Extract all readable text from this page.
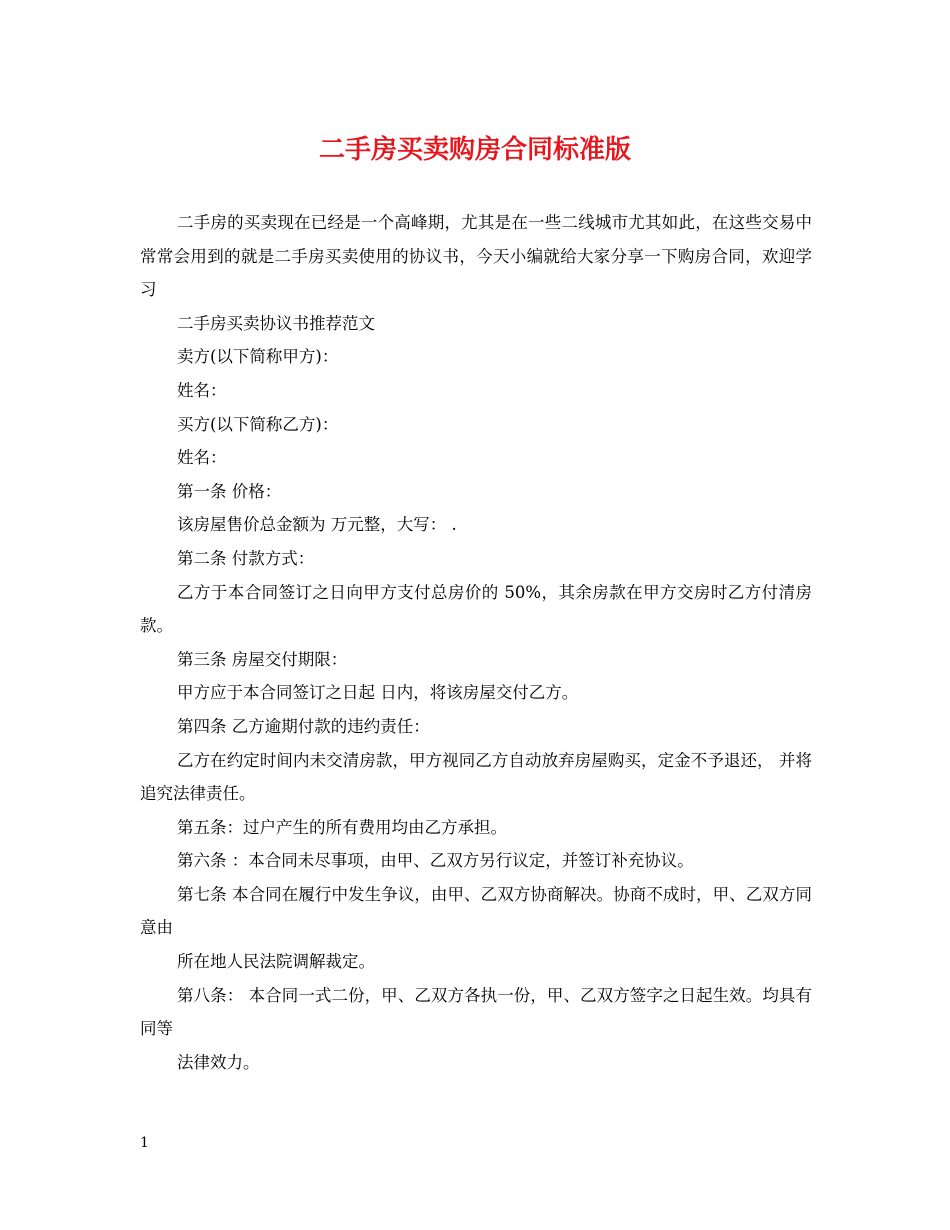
二手房买卖购房合同标准版

二手房的买卖现在已经是一个高峰期，尤其是在一些二线城市尤其如此，在这些交易中常常会用到的就是二手房买卖使用的协议书，今天小编就给大家分享一下购房合同，欢迎学习

二手房买卖协议书推荐范文

卖方(以下简称甲方)：

姓名：

买方(以下简称乙方)：

姓名：

第一条 价格：

该房屋售价总金额为 万元整，大写： .

第二条 付款方式：

乙方于本合同签订之日向甲方支付总房价的 50%，其余房款在甲方交房时乙方付清房款。

第三条 房屋交付期限：

甲方应于本合同签订之日起 日内，将该房屋交付乙方。

第四条 乙方逾期付款的违约责任：

乙方在约定时间内未交清房款，甲方视同乙方自动放弃房屋购买，定金不予退还， 并将追究法律责任。

第五条：过户产生的所有费用均由乙方承担。

第六条 ：本合同未尽事项，由甲、乙双方另行议定，并签订补充协议。

第七条 本合同在履行中发生争议，由甲、乙双方协商解决。协商不成时，甲、乙双方同意由

所在地人民法院调解裁定。

第八条： 本合同一式二份，甲、乙双方各执一份，甲、乙双方签字之日起生效。均具有同等

法律效力。

1
